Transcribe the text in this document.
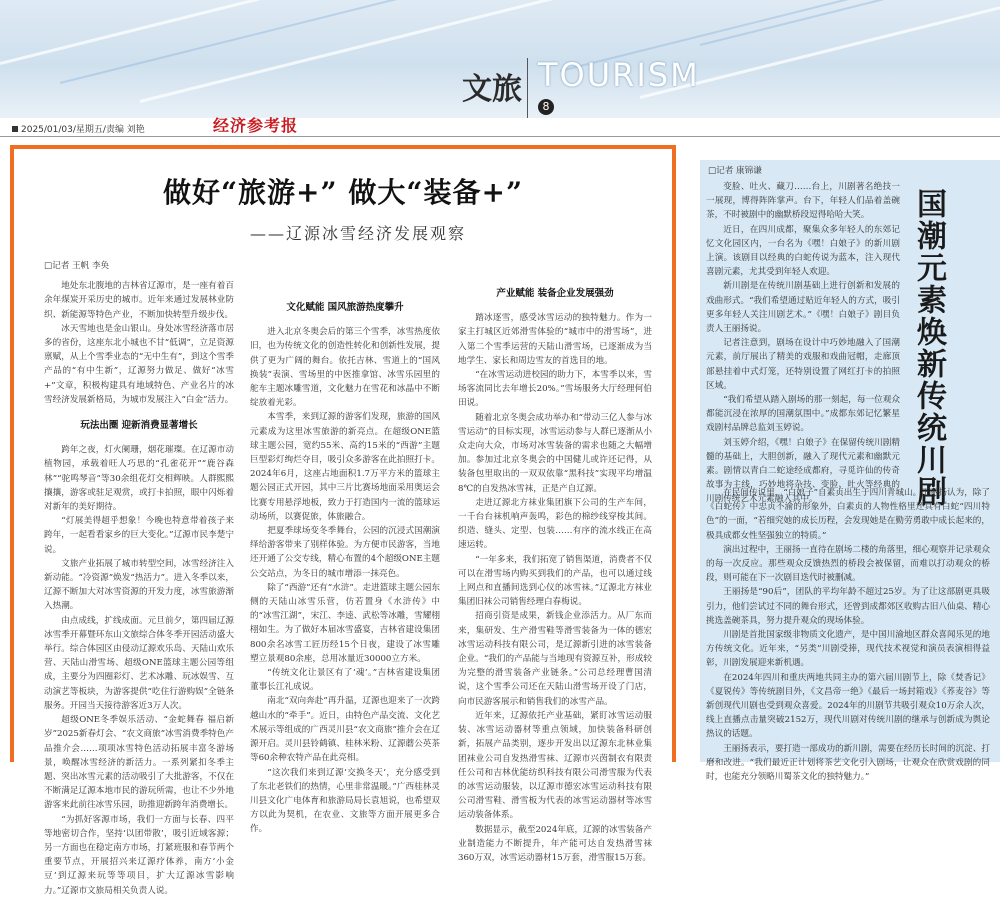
文旅 TOURISM
8
2025/01/03/星期五/责编 刘艳	经济参考报
做好“旅游+” 做大“装备+”
——辽源冰雪经济发展观察

□记者 王帆 李奂

地处东北腹地的吉林省辽源市，是一座有着百余年煤炭开采历史的城市。近年来通过发展林业防织、新能源等特色产业，不断加快转型升级步伐。

冰天雪地也是金山银山。身处冰雪经济落市居多的省份，这座东北小城也不甘“低调”，立足资源禀赋，从上个雪季业态的“无中生有”，到这个雪季产品的“有中生新”，辽源努力做足、做好“冰雪+”文章，积极构建具有地域特色、产业名片的冰雪经济发展新格局，为城市发展注入“白金”活力。

玩法出圈 迎新消费显著增长

跨年之夜，灯火阑珊，烟花璀璨。在辽源市动植物园，承载着旺人巧思的“孔雀花开”“鹿谷森林”“驼鸣琴音”等30余组花灯交相辉映。人群熙熙攘攘，游客或驻足观赏，或打卡拍照，眼中闪烁着对新年的美好期待。

“灯展美得超乎想象！今晚也特意带着孩子来跨年，一起看看家乡的巨大变化。”辽源市民李楚宁说。

文旅产业拓展了城市转型空间，冰雪经济注入新动能。“冷资源”焕发“热活力”。进入冬季以来，辽源不断加大对冰雪资源的开发力度，冰雪旅游渐入热潮。

由点成线，扩线成面。元旦前夕，第四届辽源冰雪季开幕暨环东山文旅综合体冬季开园活动盛大举行。综合体园区由侵动辽源欢乐岛、天陆山欢乐营、天陆山滑雪场、超级ONE篮球主题公园等组成，主要分为四圈彩灯、艺术冰雕、玩冰娱雪、互动演艺等板块，为游客提供“吃住行游购娱”全链条服务。开园当天接待游客近3万人次。

超级ONE冬季娱乐活动、“金蛇舞春 福启新岁”2025新春灯会、“农文商旅”冰雪消费季特色产品推介会……项项冰雪特色活动拓展丰富冬游场景，唤醒冰雪经济的新活力。一系列紧扣冬季主题、突出冰雪元素的活动吸引了大批游客，不仅在不断满足辽源本地市民的游玩所需，也让不少外地游客来此前往冰雪乐园，助推迎新跨年消费增长。

“为抓好客源市场，我们一方面与长春、四平等地密切合作，坚持‘以团带散’，吸引近域客源；另一方面也在稳定南方市场，打紧班服和春节两个重要节点，开展招兴来辽源疗体养，南方‘小金豆’到辽源来玩等等项目，扩大辽源冰雪影响力。”辽源市文旅局相关负责人说。

文化赋能 国风旅游热度攀升

进入北京冬奥会后的第三个雪季，冰雪热度依旧，也为传统文化的创造性转化和创新性发展，提供了更为广阔的舞台。依托吉林、雪道上的“国风换装”表演、雪场里的中医推拿馆、冰雪乐园里的舵车主题冰雕雪道，文化魅力在雪花和冰晶中不断绽放着光彩。

本雪季，来到辽源的游客们发现，旅游的国风元素成为这里冰雪旅游的新亮点。在超级ONE篮球主题公园，宽约55米、高约15米的“西游”主题巨型彩灯绚烂夺目，吸引众多游客在此拍照打卡。2024年6月，这座占地面积1.7万平方米的篮球主题公园正式开园，其中三片比赛场地面采用奥运会比赛专用悬浮地板，致力于打造国内一流的篮球运动场所，以赛促旅，体旅融合。

把夏季球场变冬季舞台，公园的沉浸式国潮演绎给游客带来了别样体验。为方便市民游客，当地还开通了公交专线，精心布置的4个超级ONE主题公交站点，为冬日的城市增添一抹亮色。

除了“西游”还有“水浒”。走进篮球主题公园东侧的天陆山冰雪乐营，仿若置身《水浒传》中的“冰雪江湖”，宋江、李逵、武松等冰雕，雪耀栩栩如生。为了做好本届冰雪盛宴，吉林省建设集团800余名冰雪工匠历经15个日夜，建设了冰雪雕塑立景观80余座，总用冰量近30000立方米。

“传统文化让景区有了‘魂’。”吉林省建设集团董事长江礼成说。

南北“双向奔赴”再升温，辽源也迎来了一次跨越山水的“牵手”。近日，由特色产品交流、文化艺术展示等组成的广西灵川县“农文商旅”推介会在辽源开启。灵川县铃鹤镇、桂林米粉、辽源蘑公英茶等60余种农特产品在此亮相。

“这次我们来到辽源‘交换冬天’，充分感受到了东北老铁们的热情，心里非常温暖。”广西桂林灵川县文化广电体育和旅游局局长袁旭说，也希望双方以此为契机，在农业、文旅等方面开展更多合作。

产业赋能 装备企业发展强劲

踏冰逐雪，感受冰雪运动的独特魅力。作为一家主打城区近郊滑雪体验的“城市中的滑雪场”，进入第二个雪季运营的天陆山滑雪场，已逐渐成为当地学生、家长和周边雪友的首选目的地。

“在冰雪运动进校园的助力下，本雪季以来，雪场客流同比去年增长20%。”雪场服务大厅经理何伯田说。

随着北京冬奥会成功举办和“带动三亿人参与冰雪运动”的目标实现，冰雪运动参与人群已逐渐从小众走向大众，市场对冰雪装备的需求也随之大幅增加。参加过北京冬奥会的中国健儿或许还记得，从装备包里取出的一双双依靠“黑科技”实现平均增温8℃的自发热冰雪袜，正是产自辽源。

走进辽源北方袜业集团旗下公司的生产车间，一千台台袜机响声轰鸣，彩色的棉纱线穿梭其间。织造、缝头、定型、包装……有序的流水线正在高速运转。

“一年多来，我们拓宽了销售渠道，消费者不仅可以在滑雪场内购买到我们的产品，也可以通过线上网点和直播间选到心仪的冰雪袜。”辽源北方袜业集团旧袜公司销售经理白春梅说。

招商引资是成果，新钱企业添活力。从厂东而来，集研发、生产滑雪鞋等滑雪装备为一体的德宏冰雪运动科技有限公司，是辽源新引进的冰雪装备企业。“我们的产品能与当地现有资源互补，形成较为完整的滑雪装备产业链条。”公司总经理曹国清说，这个雪季公司还在天陆山滑雪场开设了门店，向市民游客展示和销售我们的冰雪产品。

近年来，辽源依托产业基础，紧盯冰雪运动服装、冰雪运动器材等重点领域，加快装备科研创新，拓展产品类别，逐步开发出以辽源东北林业集团袜业公司自发热滑雪袜、辽源市兴茵制衣有限责任公司和吉林优能纺织科技有限公司滑雪服为代表的冰雪运动服装，以辽源市德宏冰雪运动科技有限公司滑雪鞋、滑雪板为代表的冰雪运动器材等冰雪运动装备体系。

数据显示，截至2024年底，辽源的冰雪装备产业制造能力不断提升，年产能可达自发热滑雪袜360万双，冰雪运动器材15万套，滑雪服15万套。

□记者 康锦谦

变脸、吐火、藏刀……台上，川剧著名绝技一一展现，博得阵阵掌声。台下，年轻人们品着盖碗茶，不时被剧中的幽默桥段逗得哈哈大笑。

近日，在四川成都，聚集众多年轻人的东郊记忆文化园区内，一台名为《嘿！白娘子》的新川剧上演。该剧目以经典的白蛇传说为蓝本，注入现代喜剧元素，尤其受到年轻人欢迎。

新川剧是在传统川剧基础上进行创新和发展的戏曲形式。“我们希望通过贴近年轻人的方式，吸引更多年轻人关注川剧艺术。”《嘿！白娘子》剧目负责人王丽扬说。

记者注意到，剧场在设计中巧妙地融入了国潮元素，前厅展出了精美的戏服和戏曲冠帽，走廊顶部悬挂着中式灯笼，还特别设置了网红打卡的拍照区域。

“我们希望从踏入剧场的那一刻起，每一位观众都能沉浸在浓厚的国潮氛围中。”成都东郊记忆繁星戏剧村品牌总监刘玉婷说。

刘玉婷介绍，《嘿！白娘子》在保留传统川剧精髓的基础上，大胆创新，融入了现代元素和幽默元素。剧情以青白二蛇途经成都府，寻觅许仙的传奇故事为主线，巧妙地将杂技、变脸、吐火等经典的川剧传统艺术元素融入其中。	国潮元素焕新传统川剧

在民间传说里，“白娘子”自素贞出生于四川青城山。王丽扬认为，除了《白蛇传》中忠贞不渝的形象外，白素贞的人物性格里还具有白蛇“四川特色”的一面，“若细究她的成长历程，会发现她是在勤劳勇敢中成长起来的，极具成都女性坚强独立的特质。”

演出过程中，王丽扬一直待在剧场二楼的角落里，细心观察并记录观众的每一次反应。那些观众反馈热烈的桥段会被保留，而难以打动观众的桥段，则可能在下一次剧目迭代时被删减。

王丽扬是“90后”，团队的平均年龄不超过25岁。为了让这部剧更具吸引力，他们尝试过不同的舞台形式，还曾到成都郊区收购古旧八仙桌、精心挑选盖碗茶具，努力提升观众的现场体验。

川剧是首批国家级非物质文化遗产，是中国川渝地区群众喜闻乐见的地方传统文化。近年来，“另类”川剧受捧，现代技术视觉和演员表演相得益彰，川剧发展迎来新机遇。

在2024年四川和重庆两地共同主办的第六届川剧节上，除《焚香记》《夏锐传》等传统剧目外，《文昌帝一绝》《最后一场封箱戏》《荞麦谷》等新创现代川剧也受到观众喜爱。2024年的川剧节共吸引观众10万余人次，线上直播点击量突破2152万，现代川剧对传统川剧的继承与创新成为舆论热议的话题。

王丽扬表示，要打造一部成功的新川剧，需要在经历长时间的沉淀、打磨和改进。“我们最近正计划将茶艺文化引入剧场，让观众在欣赏戏剧的同时，也能充分领略川蜀茶文化的独特魅力。”
